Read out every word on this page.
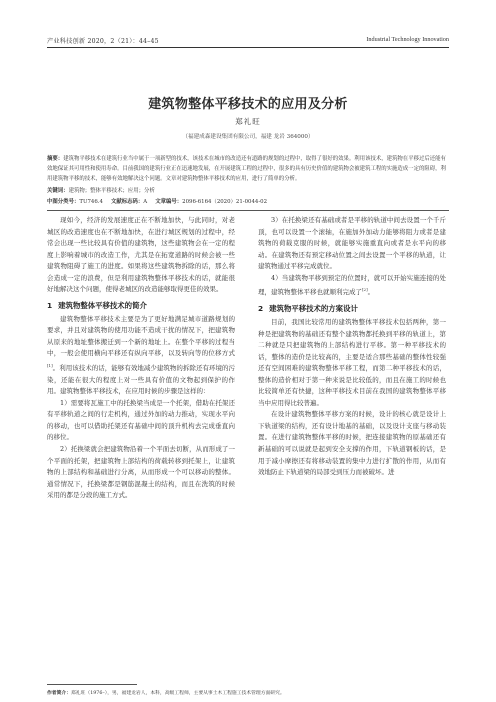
产业科技创新 2020，2（21）：44–45	Industrial Technology Innovation
建筑物整体平移技术的应用及分析
郑礼旺
（福建成森建设集团有限公司，福建 龙岩 364000）
摘要：建筑物平移技术在建筑行业当中属于一项新型的技术，该技术在城市的改造还有道路的规划的过程中，取得了很好的效果。利用该技术，建筑物在平移过后还能有效地保证其可用性和使用寿命。目前我国的建筑行业正在迅速地发展，在开展建筑工程的过程中，很多的具有历史价值的建筑物会被建筑工程的实施造成一定的阻碍，利用建筑物平移的技术，能够有效地解决这个问题。文章对建筑物整体平移技术的应用，进行了简单的分析。
关键词：建筑物；整体平移技术；应用；分析
中图分类号：TU746.4 文献标志码：A 文章编号：2096-6164（2020）21-0044-02

现如今，经济的发展速度正在不断地加快，与此同时，对老城区的改造速度也在不断地加快，在进行城区规划的过程中，经常会出现一些比较具有价值的建筑物，这些建筑物会在一定的程度上影响着城市的改造工作，尤其是在拓宽道路的时候会被一些建筑物阻碍了施工的进度。如果将这些建筑物拆除的话，那么将会造成一定的浪费，但是利用建筑物整体平移技术的话，就能很好地解决这个问题，使得老城区的改造能够取得更佳的效果。

1 建筑物整体平移技术的简介

建筑物整体平移技术主要是为了更好地满足城市道路规划的要求，并且对建筑物的使用功能不造成干扰的情况下，把建筑物从原来的地址整体搬迁到一个新的地址上。在整个平移的过程当中，一般会使用横向平移还有纵向平移，以及转向等的位移方式[1]。利用该技术的话，能够有效地减少建筑物的拆除还有环境的污染，还能在很大的程度上对一些具有价值的文物起到保护的作用。建筑物整体平移技术，在应用时候的步骤是这样的：

1）需要将瓦施工中的托换梁当成是一个托架，借助在托架还有平移轨道之间的行走机构，通过外加的动力推动，实现水平向的移动，也可以借助托架还有基础中间的顶升机构去完成垂直向的移位。

2）托换梁就会把建筑物沿着一个平面去切断，从而形成了一个平面的托架，把建筑物上部结构的荷载转移到托架上，让建筑物的上部结构和基础进行分离，从而形成一个可以移动的整体。通常情况下，托换梁都是钢筋混凝土的结构，而且在洗筑的时候采用的都是分段的施工方式。

3）在托换梁还有基础或者是平移的轨道中间去设置一个千斤顶，也可以设置一个滚轴，在施加外加动力能够将阻力或者是建筑物的荷载克服的时候，就能够实施重直向或者是水平向的移动。在建筑物还有预定移动位置之间去设置一个平移的轨道，让建筑物通过平移完成就位。

4）当建筑物平移到预定的位置时，就可以开始实施连接的处理，建筑物整体平移也就顺利完成了[2]。

2 建筑物平移技术的方案设计

目前，我国比较常用的建筑物整体平移技术包括两种，第一种是把建筑物的基础还有整个建筑物都托换到平移的轨道上，第二种就是只把建筑物的上部结构进行平移。第一种平移技术的话，整体的造价是比较高的，主要是适合那些基础的整体性较强还有空间困难的建筑物整体平移工程，而第二种平移技术的话，整体的造价相对于第一种来说是比较低的，而且在施工的时候也比较简单还有快捷，这种平移技术目前在我国的建筑物整体平移当中应用得比较普遍。

在设计建筑物整体平移方案的时候，设计的核心就是设计上下轨道梁的结构，还有设计地基的基础，以及设计支座与移动装置。在进行建筑物整体平移的时候，把连接建筑物的原基础还有新基础的可以说就是起到安全支撑的作用，下轨道钢板的话，是用于减小摩擦还有将移动装置的集中力进行扩散的作用，从而有效地防止下轨道梁的局部受到压力而被破坏。进

作者简介：郑礼旺（1976–），男，福建龙岩人，本科，高级工程师，主要从事土木工程施工技术管理方面研究。
